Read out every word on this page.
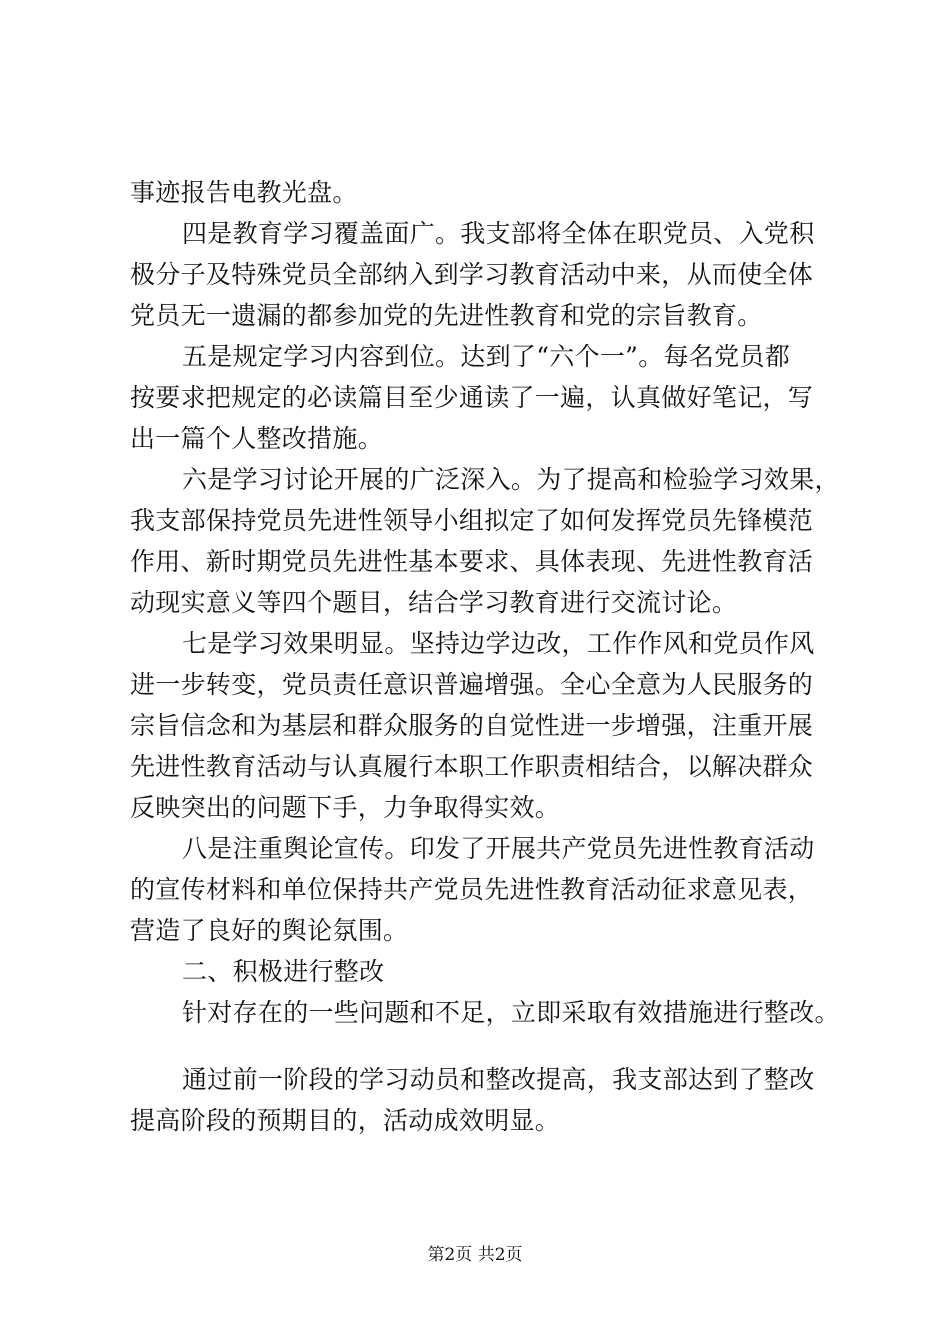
事迹报告电教光盘。
四是教育学习覆盖面广。我支部将全体在职党员、入党积
极分子及特殊党员全部纳入到学习教育活动中来，从而使全体
党员无一遗漏的都参加党的先进性教育和党的宗旨教育。
五是规定学习内容到位。达到了“六个一”。每名党员都
按要求把规定的必读篇目至少通读了一遍，认真做好笔记，写
出一篇个人整改措施。
六是学习讨论开展的广泛深入。为了提高和检验学习效果，
我支部保持党员先进性领导小组拟定了如何发挥党员先锋模范
作用、新时期党员先进性基本要求、具体表现、先进性教育活
动现实意义等四个题目，结合学习教育进行交流讨论。
七是学习效果明显。坚持边学边改，工作作风和党员作风
进一步转变，党员责任意识普遍增强。全心全意为人民服务的
宗旨信念和为基层和群众服务的自觉性进一步增强，注重开展
先进性教育活动与认真履行本职工作职责相结合，以解决群众
反映突出的问题下手，力争取得实效。
八是注重舆论宣传。印发了开展共产党员先进性教育活动
的宣传材料和单位保持共产党员先进性教育活动征求意见表，
营造了良好的舆论氛围。
二、积极进行整改
针对存在的一些问题和不足，立即采取有效措施进行整改。
通过前一阶段的学习动员和整改提高，我支部达到了整改
提高阶段的预期目的，活动成效明显。
第2页 共2页
